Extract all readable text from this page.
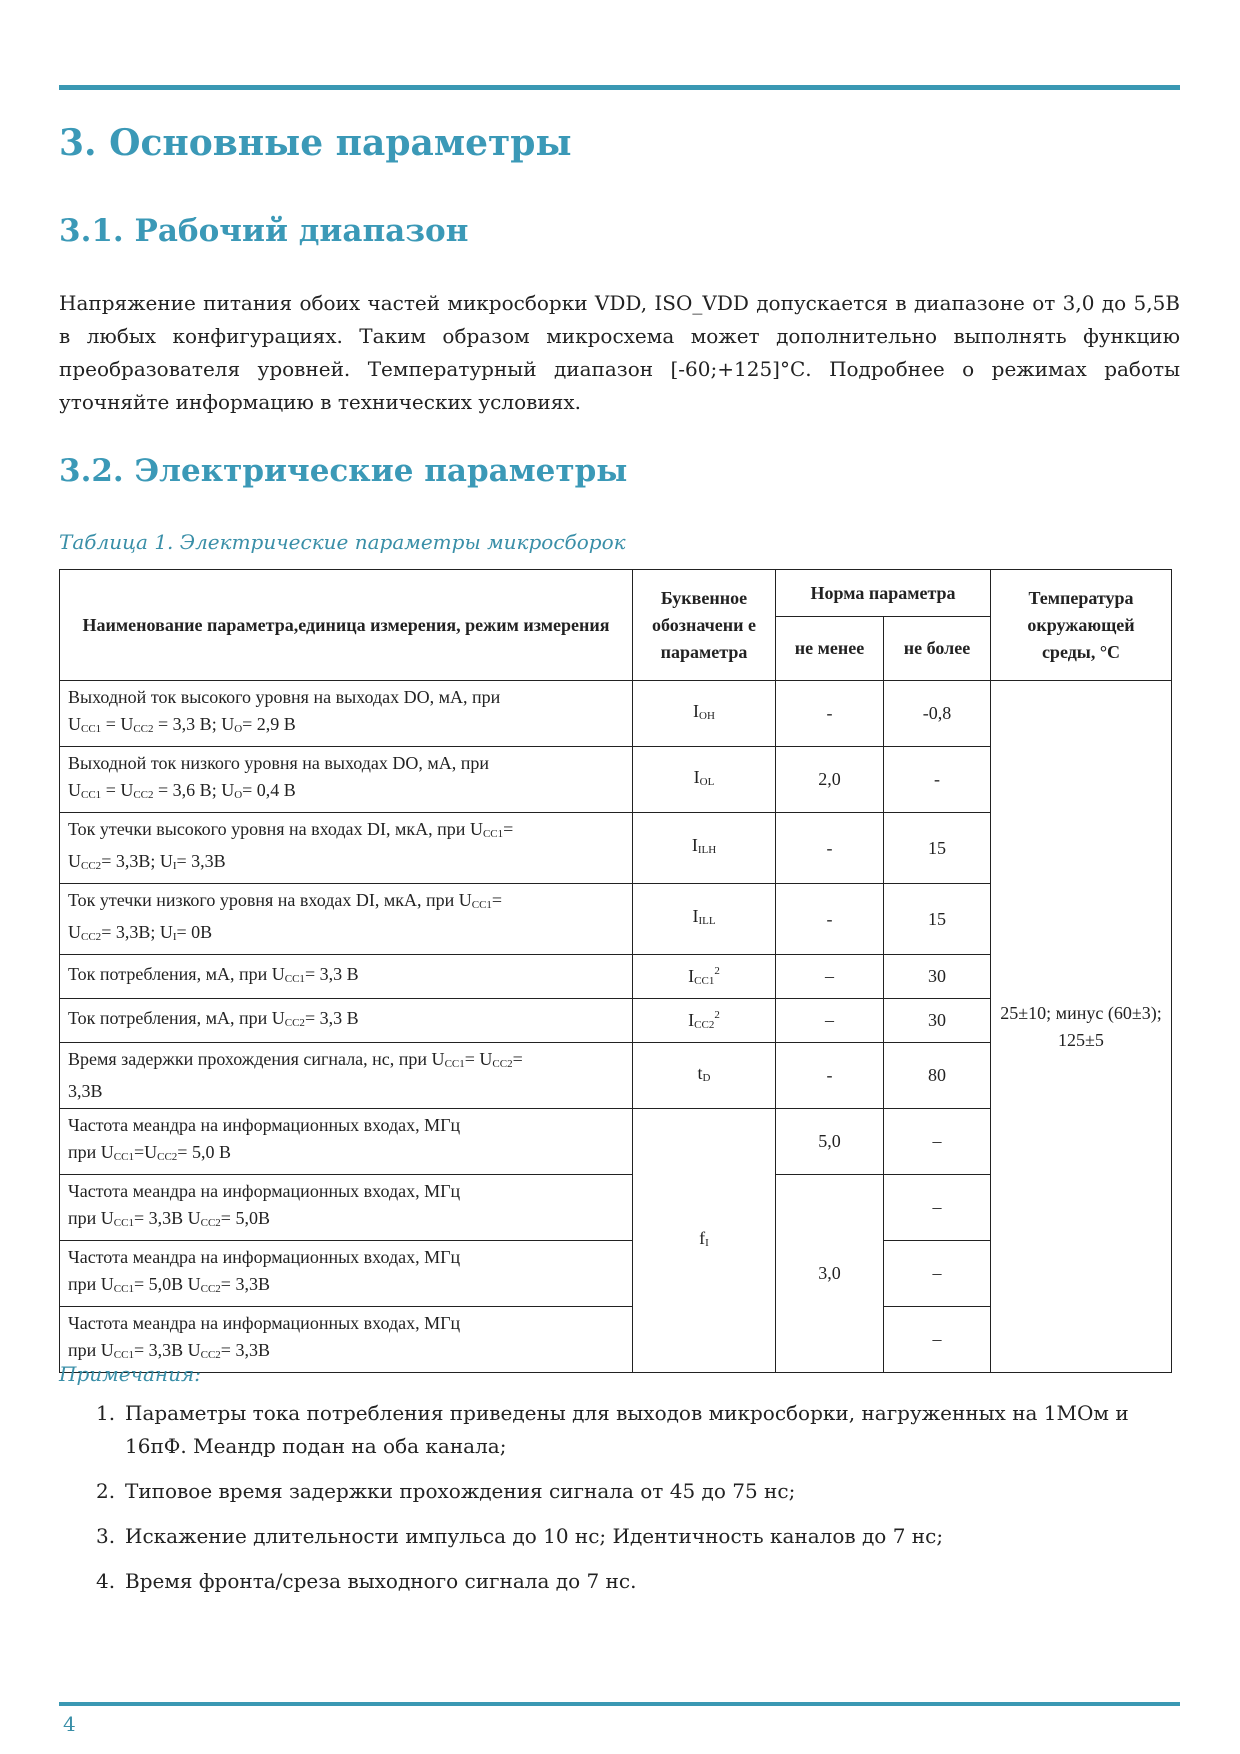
3. Основные параметры
3.1. Рабочий диапазон

Напряжение питания обоих частей микросборки VDD, ISO_VDD допускается в диапазоне от 3,0 до 5,5В в любых конфигурациях. Таким образом микросхема может дополнительно выполнять функцию преобразователя уровней. Температурный диапазон [-60;+125]°С. Подробнее о режимах работы уточняйте информацию в технических условиях.

3.2. Электрические параметры

Таблица 1. Электрические параметры микросборок

Наименование параметра,единица измерения, режим измерения	Буквенное обозначени е параметра	Норма параметра		Температура окружающей среды, °С
		не менее	не более	
Выходной ток высокого уровня на выходах DO, мА, при
UCC1 = UCC2 = 3,3 В; UO= 2,9 В	IOH	-	-0,8	25±10; минус (60±3); 125±5
Выходной ток низкого уровня на выходах DO, мА, при
UCC1 = UCC2 = 3,6 В; UO= 0,4 В	IOL	2,0	-	
Ток утечки высокого уровня на входах DI, мкА, при UCC1=
UCC2= 3,3В; UI= 3,3В	IILH	-	15	
Ток утечки низкого уровня на входах DI, мкА, при UCC1=
UCC2= 3,3В; UI= 0В	IILL	-	15	
Ток потребления, мА, при UCC1= 3,3 В	$ICC1^2$	–	30	
Ток потребления, мА, при UCC2= 3,3 В	$ICC2^2$	–	30	
Время задержки прохождения сигнала, нс, при UCC1= UCC2=
3,3В	tD	-	80	
Частота меандра на информационных входах, МГц
при UCC1=UCC2= 5,0 В	fI	5,0	–	
Частота меандра на информационных входах, МГц
при UCC1= 3,3В UCC2= 5,0В		3,0	–	
Частота меандра на информационных входах, МГц
при UCC1= 5,0В UCC2= 3,3В			–	
Частота меандра на информационных входах, МГц
при UCC1= 3,3В UCC2= 3,3В			–	

Примечания:

1. Параметры тока потребления приведены для выходов микросборки, нагруженных на 1МОм и 16пФ. Меандр подан на оба канала;
2. Типовое время задержки прохождения сигнала от 45 до 75 нс;
3. Искажение длительности импульса до 10 нс; Идентичность каналов до 7 нс;
4. Время фронта/среза выходного сигнала до 7 нс.

4
